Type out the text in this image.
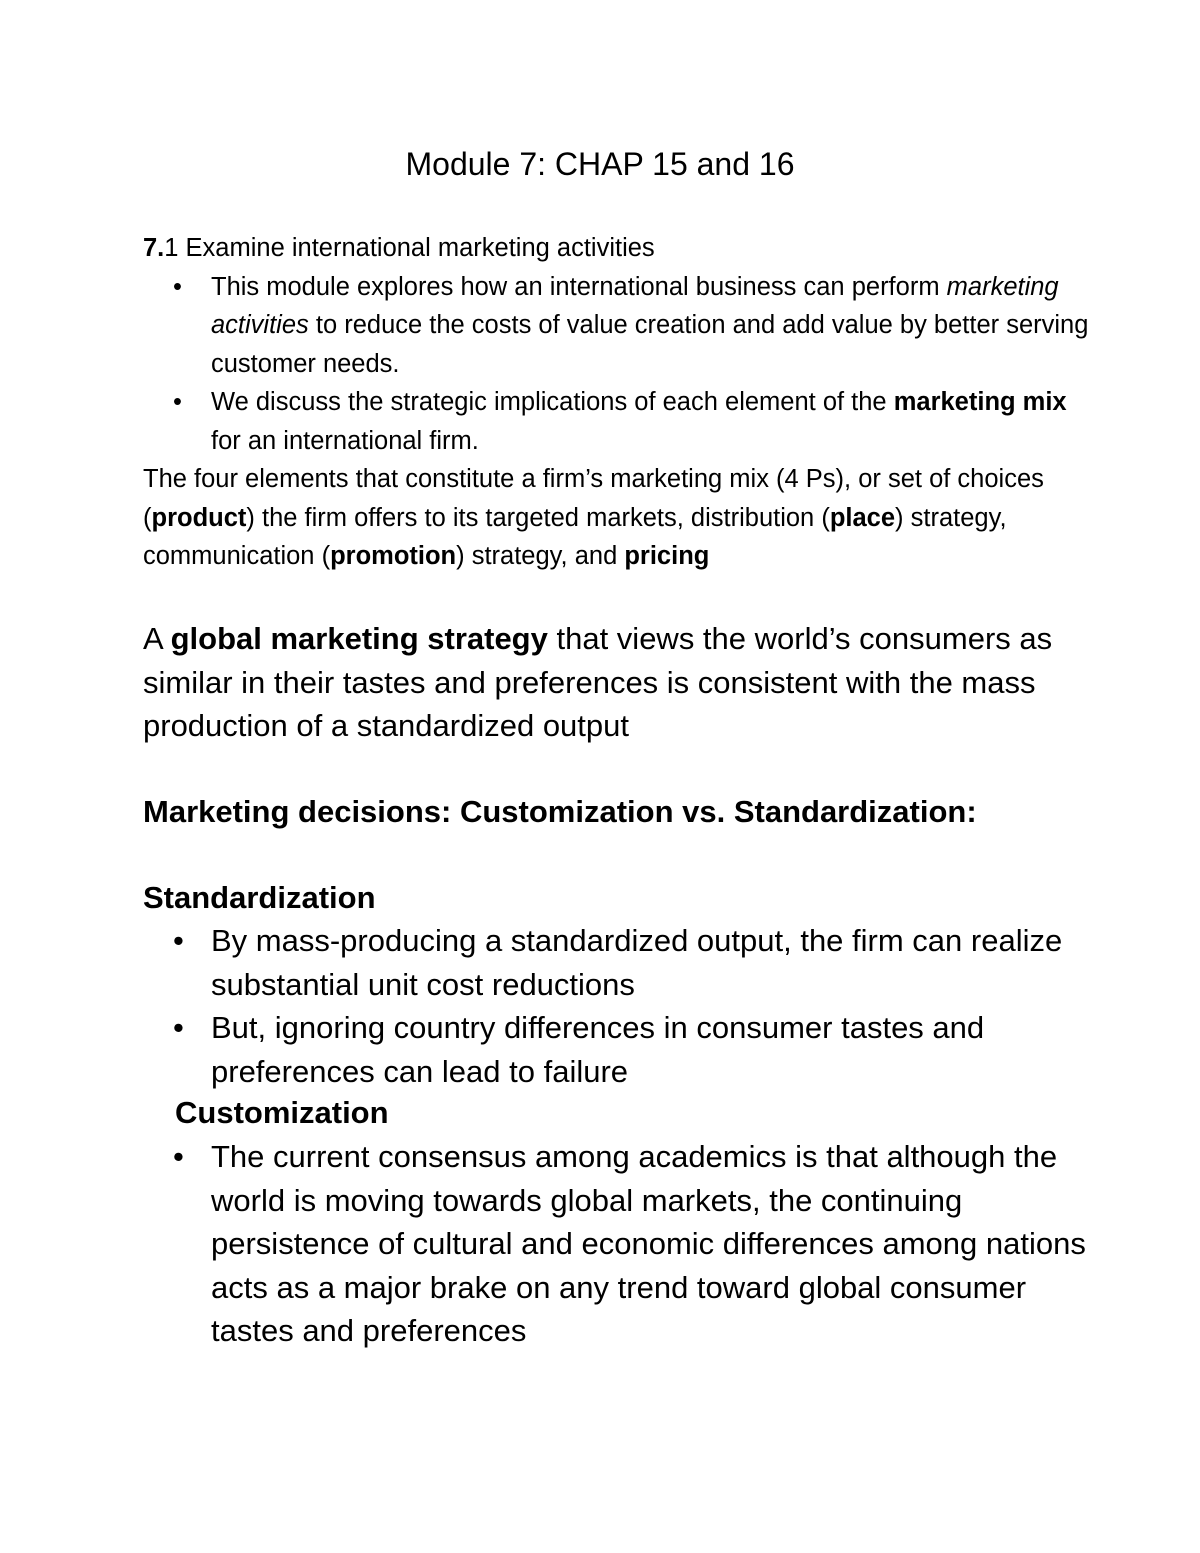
Module 7: CHAP 15 and 16
7.1 Examine international marketing activities
• This module explores how an international business can perform marketing activities to reduce the costs of value creation and add value by better serving customer needs.
• We discuss the strategic implications of each element of the marketing mix for an international firm.

The four elements that constitute a firm’s marketing mix (4 Ps), or set of choices (product) the firm offers to its targeted markets, distribution (place) strategy, communication (promotion) strategy, and pricing

A global marketing strategy that views the world’s consumers as similar in their tastes and preferences is consistent with the mass production of a standardized output

Marketing decisions: Customization vs. Standardization:
Standardization
• By mass-producing a standardized output, the firm can realize substantial unit cost reductions
• But, ignoring country differences in consumer tastes and preferences can lead to failure
Customization
• The current consensus among academics is that although the world is moving towards global markets, the continuing persistence of cultural and economic differences among nations acts as a major brake on any trend toward global consumer tastes and preferences
